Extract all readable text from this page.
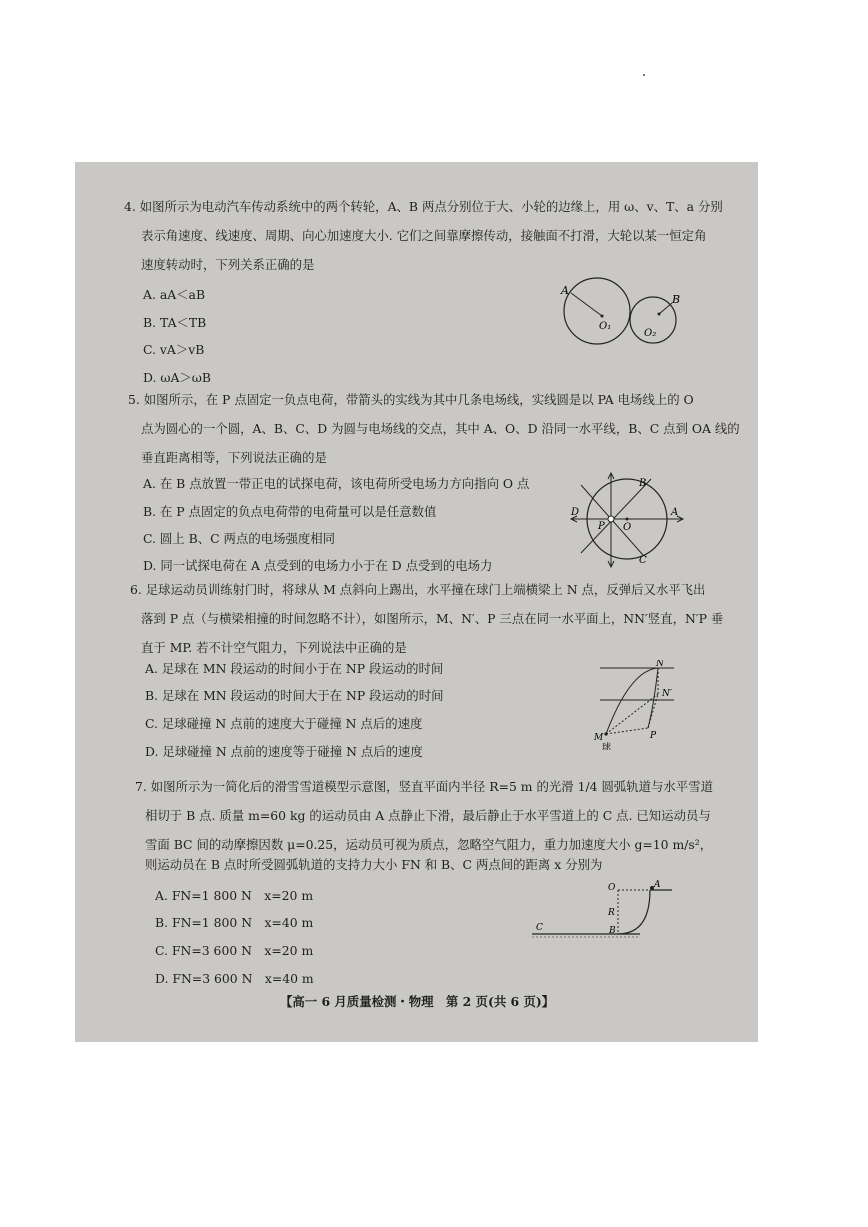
4. 如图所示为电动汽车传动系统中的两个转轮，A、B 两点分别位于大、小轮的边缘上，用 ω、v、T、a 分别
表示角速度、线速度、周期、向心加速度大小. 它们之间靠摩擦传动，接触面不打滑，大轮以某一恒定角
速度转动时，下列关系正确的是
A. aA＜aB
B. TA＜TB
C. vA＞vB
D. ωA＞ωB
A
O₁
O₂
B
5. 如图所示，在 P 点固定一负点电荷，带箭头的实线为其中几条电场线，实线圆是以 PA 电场线上的 O
点为圆心的一个圆，A、B、C、D 为圆与电场线的交点，其中 A、O、D 沿同一水平线，B、C 点到 OA 线的
垂直距离相等，下列说法正确的是
A. 在 B 点放置一带正电的试探电荷，该电荷所受电场力方向指向 O 点
B. 在 P 点固定的负点电荷带的电荷量可以是任意数值
C. 圆上 B、C 两点的电场强度相同
D. 同一试探电荷在 A 点受到的电场力小于在 D 点受到的电场力
B
D
P O
A
C
6. 足球运动员训练射门时，将球从 M 点斜向上踢出，水平撞在球门上端横梁上 N 点，反弹后又水平飞出
落到 P 点（与横梁相撞的时间忽略不计），如图所示，M、N′、P 三点在同一水平面上，NN′竖直，N′P 垂
直于 MP. 若不计空气阻力，下列说法中正确的是
A. 足球在 MN 段运动的时间小于在 NP 段运动的时间
B. 足球在 MN 段运动的时间大于在 NP 段运动的时间
C. 足球碰撞 N 点前的速度大于碰撞 N 点后的速度
D. 足球碰撞 N 点前的速度等于碰撞 N 点后的速度
N
N′
M
球
P
7. 如图所示为一简化后的滑雪雪道模型示意图，竖直平面内半径 R=5 m 的光滑 1/4 圆弧轨道与水平雪道
相切于 B 点. 质量 m=60 kg 的运动员由 A 点静止下滑，最后静止于水平雪道上的 C 点. 已知运动员与
雪面 BC 间的动摩擦因数 μ=0.25，运动员可视为质点，忽略空气阻力，重力加速度大小 g=10 m/s²，
则运动员在 B 点时所受圆弧轨道的支持力大小 FN 和 B、C 两点间的距离 x 分别为
A. FN=1 800 N　x=20 m
B. FN=1 800 N　x=40 m
C. FN=3 600 N　x=20 m
D. FN=3 600 N　x=40 m
O	A
R
B
C
【高一 6 月质量检测・物理　第 2 页(共 6 页)】
